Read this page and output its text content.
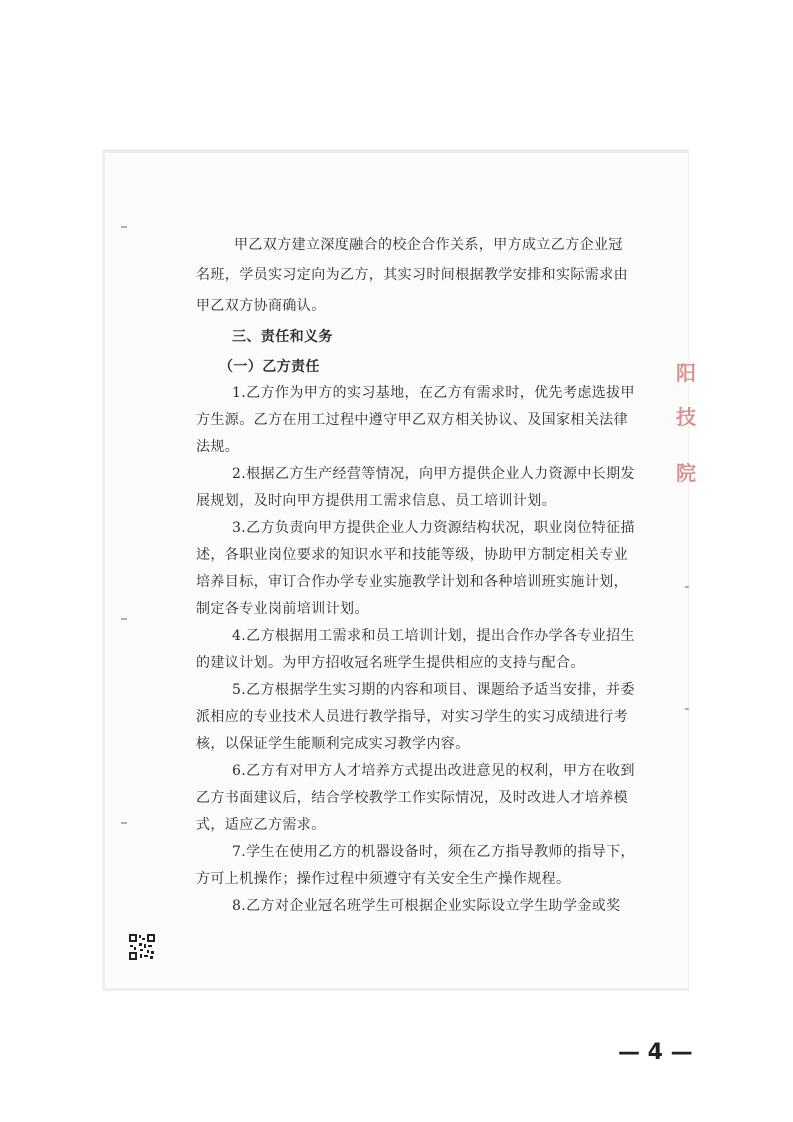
甲乙双方建立深度融合的校企合作关系，甲方成立乙方企业冠
名班，学员实习定向为乙方，其实习时间根据教学安排和实际需求由
甲乙双方协商确认。
三、责任和义务
（一）乙方责任
1.乙方作为甲方的实习基地，在乙方有需求时，优先考虑选拔甲
方生源。乙方在用工过程中遵守甲乙双方相关协议、及国家相关法律
法规。
2.根据乙方生产经营等情况，向甲方提供企业人力资源中长期发
展规划，及时向甲方提供用工需求信息、员工培训计划。
3.乙方负责向甲方提供企业人力资源结构状况，职业岗位特征描
述，各职业岗位要求的知识水平和技能等级，协助甲方制定相关专业
培养目标，审订合作办学专业实施教学计划和各种培训班实施计划，
制定各专业岗前培训计划。
4.乙方根据用工需求和员工培训计划，提出合作办学各专业招生
的建议计划。为甲方招收冠名班学生提供相应的支持与配合。
5.乙方根据学生实习期的内容和项目、课题给予适当安排，并委
派相应的专业技术人员进行教学指导，对实习学生的实习成绩进行考
核，以保证学生能顺利完成实习教学内容。
6.乙方有对甲方人才培养方式提出改进意见的权利，甲方在收到
乙方书面建议后，结合学校教学工作实际情况，及时改进人才培养模
式，适应乙方需求。
7.学生在使用乙方的机器设备时，须在乙方指导教师的指导下，
方可上机操作；操作过程中须遵守有关安全生产操作规程。
8.乙方对企业冠名班学生可根据企业实际设立学生助学金或奖
阳
技
院
— 4 —
